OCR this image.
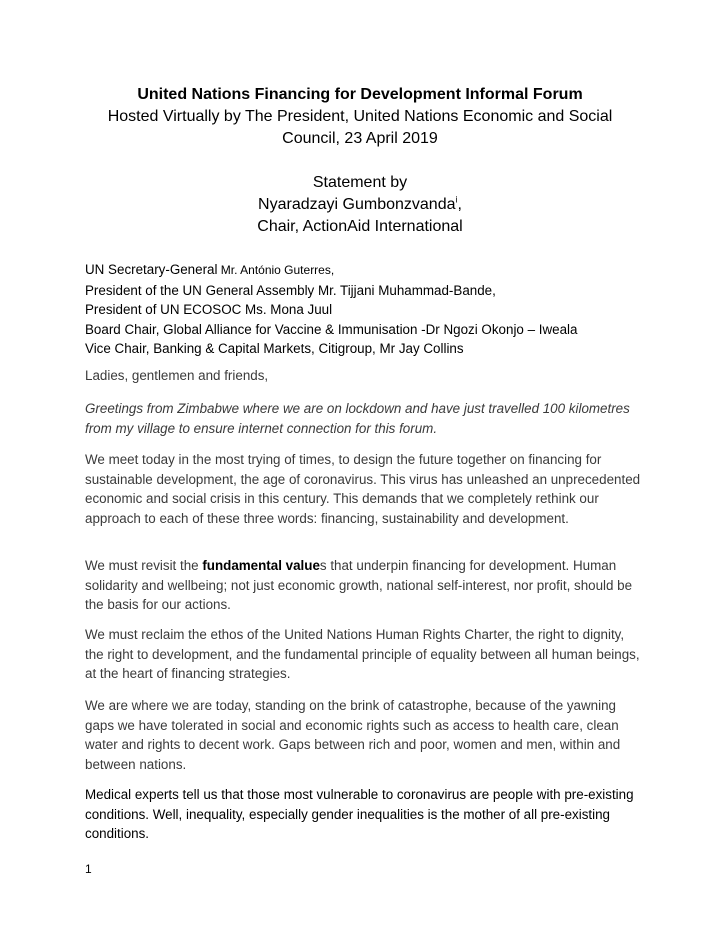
United Nations Financing for Development Informal Forum
Hosted Virtually by The President, United Nations Economic and Social
Council, 23 April 2019
Statement by
Nyaradzayi Gumbonzvanda$^i$,
Chair, ActionAid International
UN Secretary-General Mr. António Guterres,
President of the UN General Assembly Mr. Tijjani Muhammad-Bande,
President of UN ECOSOC Ms. Mona Juul
Board Chair, Global Alliance for Vaccine & Immunisation -Dr Ngozi Okonjo – Iweala
Vice Chair, Banking & Capital Markets, Citigroup, Mr Jay Collins

Ladies, gentlemen and friends,

Greetings from Zimbabwe where we are on lockdown and have just travelled 100 kilometres from my village to ensure internet connection for this forum.

We meet today in the most trying of times, to design the future together on financing for sustainable development, the age of coronavirus. This virus has unleashed an unprecedented economic and social crisis in this century. This demands that we completely rethink our approach to each of these three words: financing, sustainability and development.

We must revisit the fundamental values that underpin financing for development. Human solidarity and wellbeing; not just economic growth, national self-interest, nor profit, should be the basis for our actions.

We must reclaim the ethos of the United Nations Human Rights Charter, the right to dignity, the right to development, and the fundamental principle of equality between all human beings, at the heart of financing strategies.

We are where we are today, standing on the brink of catastrophe, because of the yawning gaps we have tolerated in social and economic rights such as access to health care, clean water and rights to decent work. Gaps between rich and poor, women and men, within and between nations.

Medical experts tell us that those most vulnerable to coronavirus are people with pre-existing conditions. Well, inequality, especially gender inequalities is the mother of all pre-existing conditions.

1
